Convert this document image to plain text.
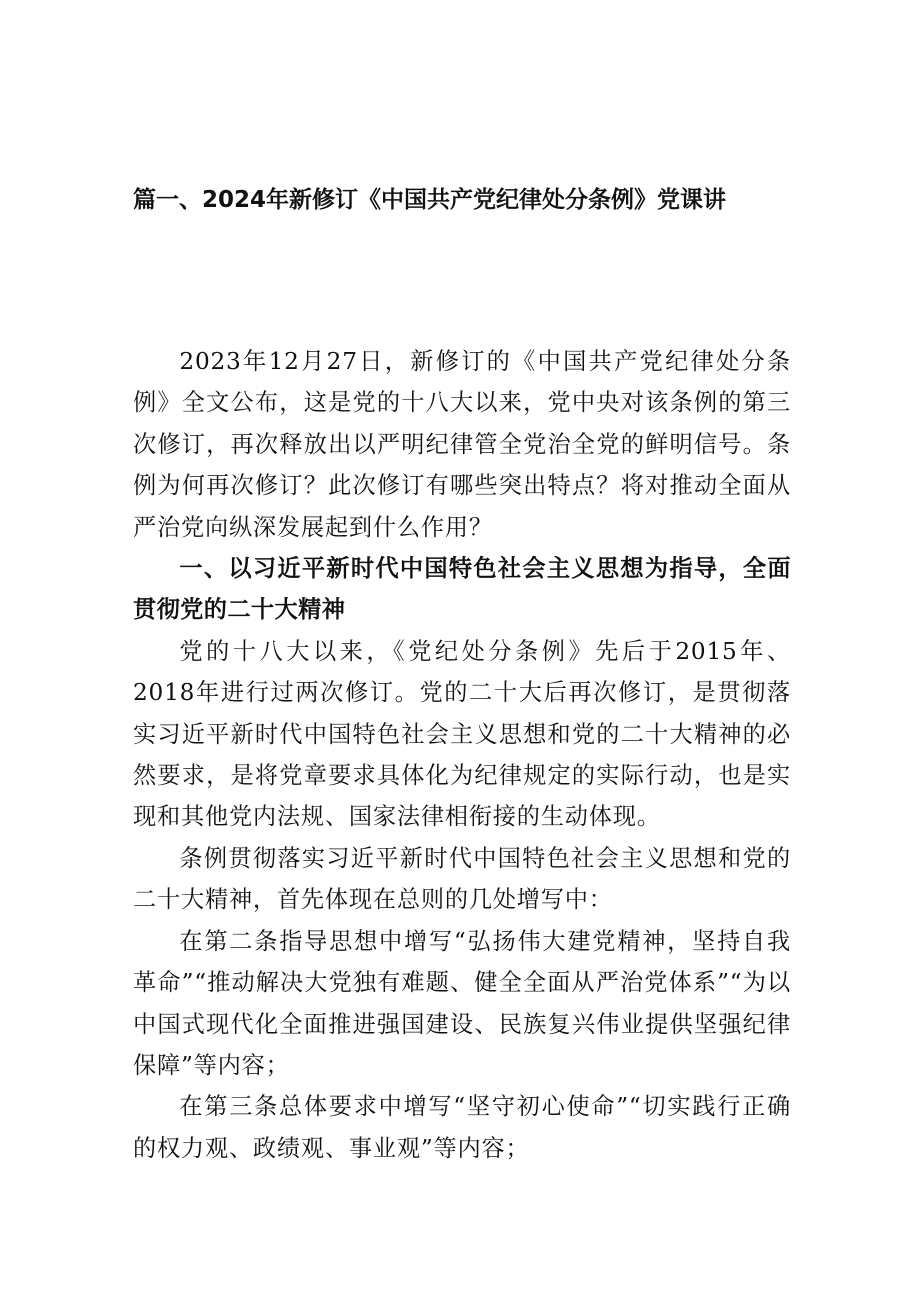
篇一、2024年新修订《中国共产党纪律处分条例》党课讲

2023年12月27日，新修订的《中国共产党纪律处分条例》全文公布，这是党的十八大以来，党中央对该条例的第三次修订，再次释放出以严明纪律管全党治全党的鲜明信号。条例为何再次修订？此次修订有哪些突出特点？将对推动全面从严治党向纵深发展起到什么作用？

一、以习近平新时代中国特色社会主义思想为指导，全面贯彻党的二十大精神

党的十八大以来，《党纪处分条例》先后于2015年、2018年进行过两次修订。党的二十大后再次修订，是贯彻落实习近平新时代中国特色社会主义思想和党的二十大精神的必然要求，是将党章要求具体化为纪律规定的实际行动，也是实现和其他党内法规、国家法律相衔接的生动体现。

条例贯彻落实习近平新时代中国特色社会主义思想和党的二十大精神，首先体现在总则的几处增写中：

在第二条指导思想中增写“弘扬伟大建党精神，坚持自我革命”“推动解决大党独有难题、健全全面从严治党体系”“为以中国式现代化全面推进强国建设、民族复兴伟业提供坚强纪律保障”等内容；

在第三条总体要求中增写“坚守初心使命”“切实践行正确的权力观、政绩观、事业观”等内容；
